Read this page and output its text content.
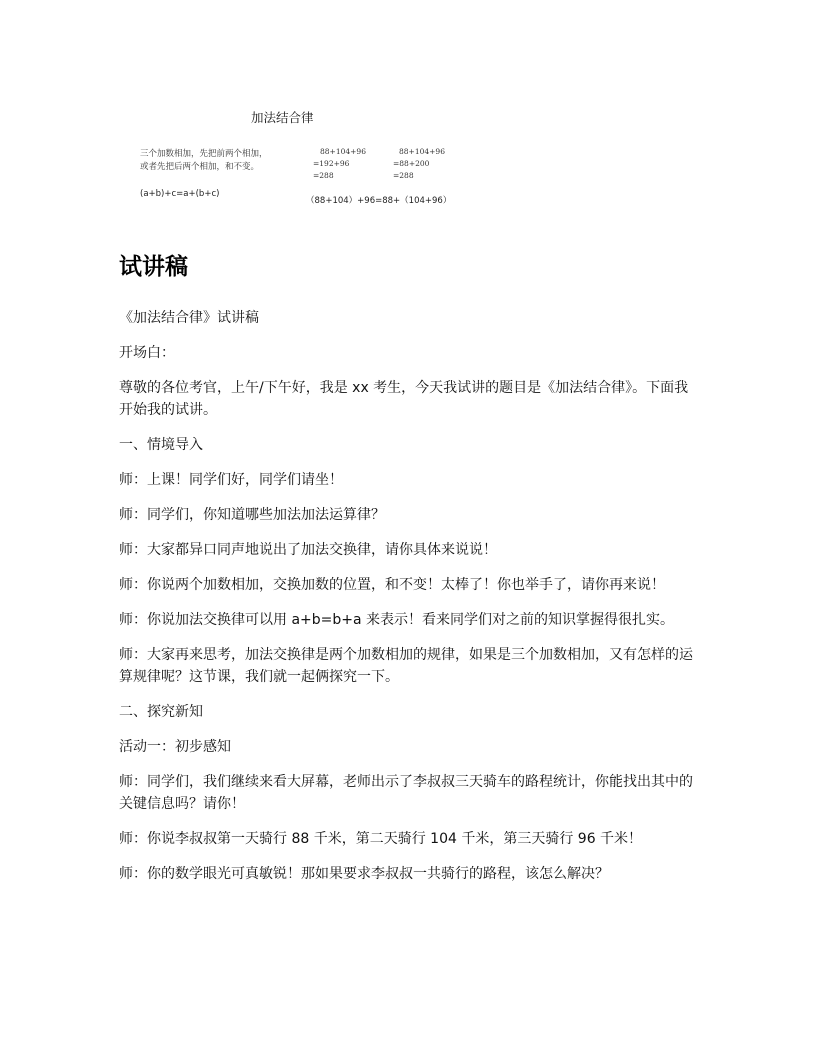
加法结合律
三个加数相加，先把前两个相加，
或者先把后两个相加，和不变。
(a+b)+c=a+(b+c)
88+104+96
=192+96
=288
88+104+96
=88+200
=288
（88+104）+96=88+（104+96）
试讲稿

《加法结合律》试讲稿

开场白：

尊敬的各位考官，上午/下午好，我是 xx 考生，今天我试讲的题目是《加法结合律》。下面我开始我的试讲。

一、情境导入

师：上课！同学们好，同学们请坐！

师：同学们，你知道哪些加法加法运算律？

师：大家都异口同声地说出了加法交换律，请你具体来说说！

师：你说两个加数相加，交换加数的位置，和不变！太棒了！你也举手了，请你再来说！

师：你说加法交换律可以用 a+b=b+a 来表示！看来同学们对之前的知识掌握得很扎实。

师：大家再来思考，加法交换律是两个加数相加的规律，如果是三个加数相加，又有怎样的运算规律呢？这节课，我们就一起俩探究一下。

二、探究新知

活动一：初步感知

师：同学们，我们继续来看大屏幕，老师出示了李叔叔三天骑车的路程统计，你能找出其中的关键信息吗？请你！

师：你说李叔叔第一天骑行 88 千米，第二天骑行 104 千米，第三天骑行 96 千米！

师：你的数学眼光可真敏锐！那如果要求李叔叔一共骑行的路程，该怎么解决？
